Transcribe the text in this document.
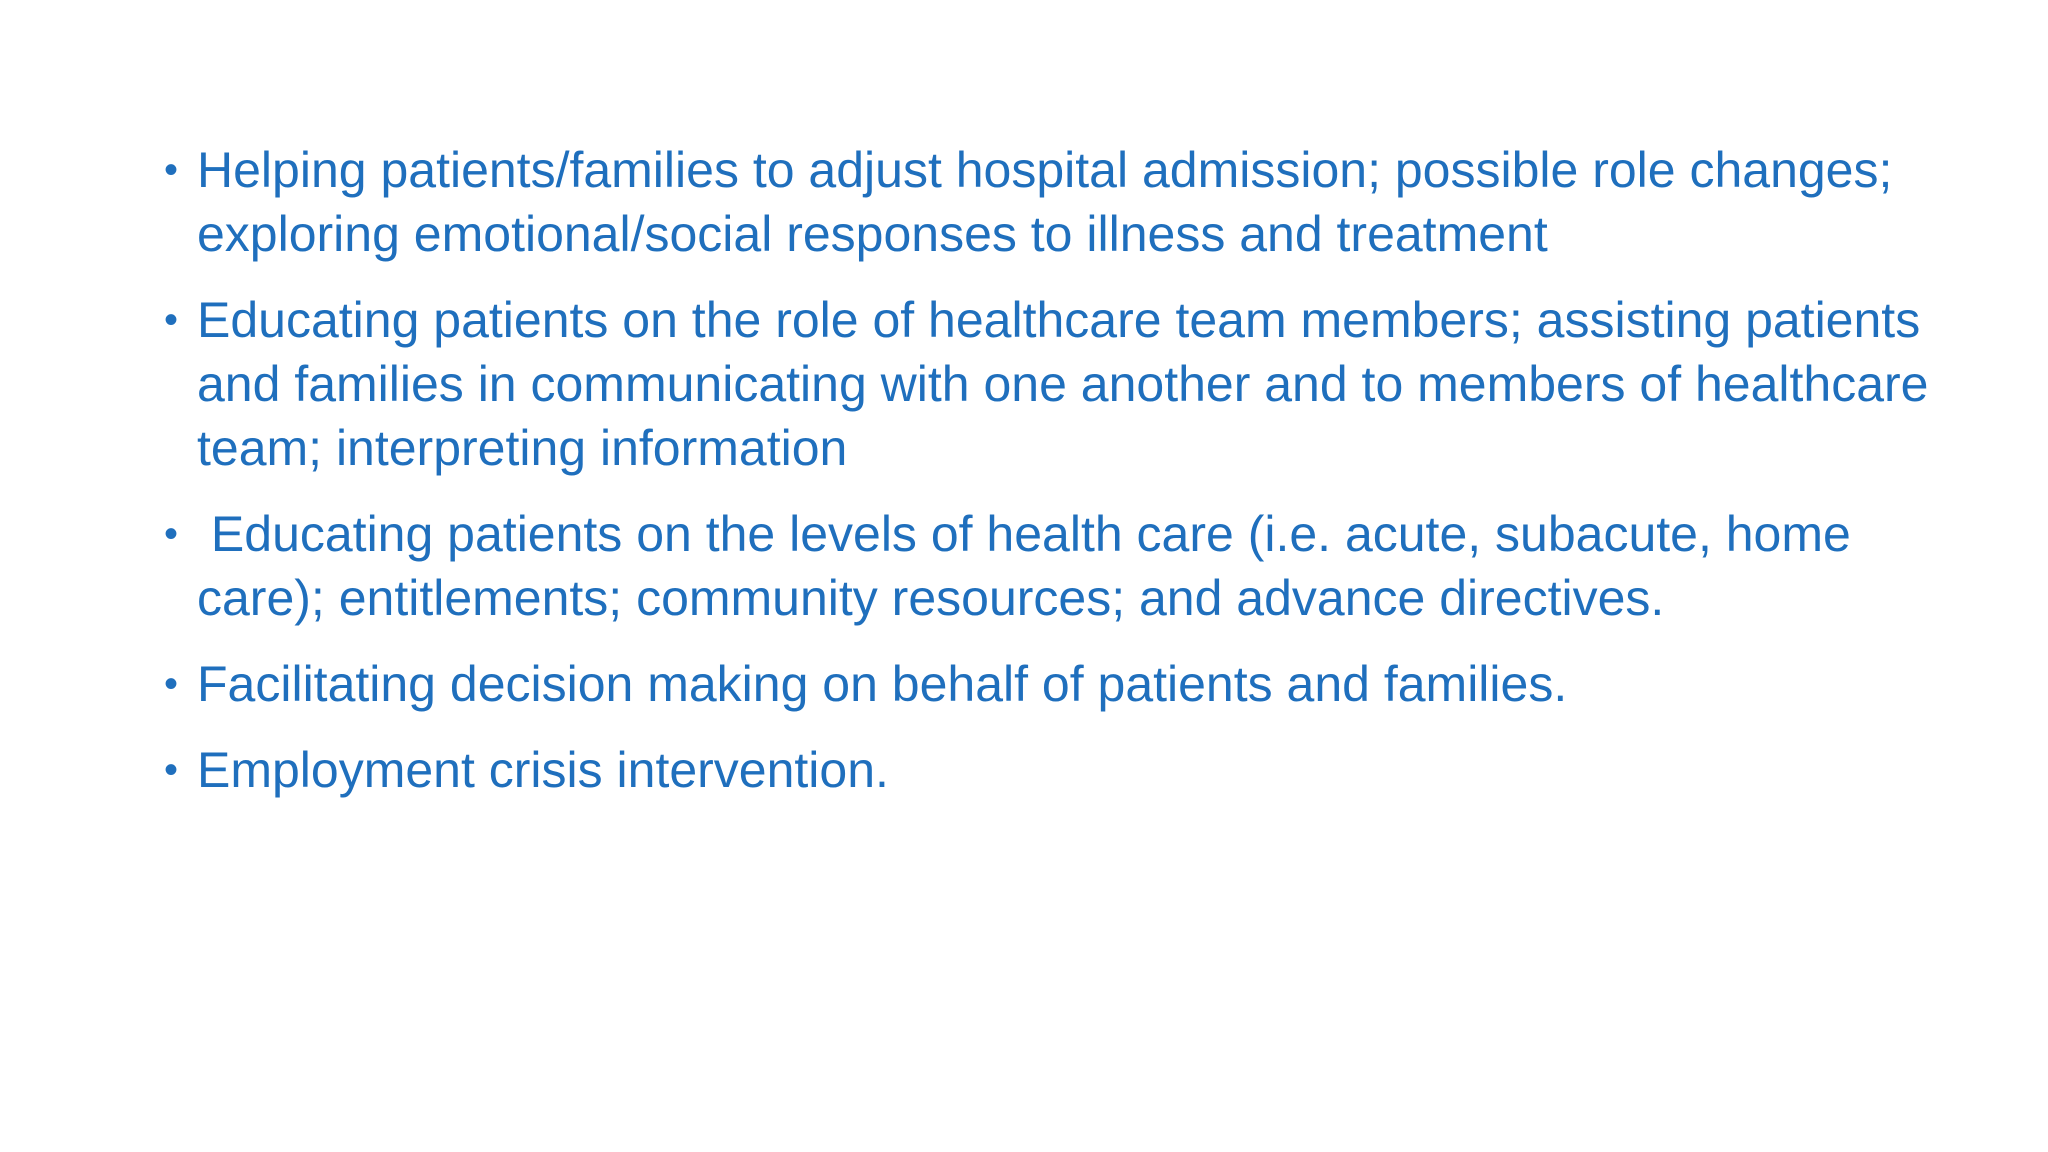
• Helping patients/families to adjust hospital admission; possible role changes; exploring emotional/social responses to illness and treatment
• Educating patients on the role of healthcare team members; assisting patients and families in communicating with one another and to members of healthcare team; interpreting information
• Educating patients on the levels of health care (i.e. acute, subacute, home care); entitlements; community resources; and advance directives.
• Facilitating decision making on behalf of patients and families.
• Employment crisis intervention.
